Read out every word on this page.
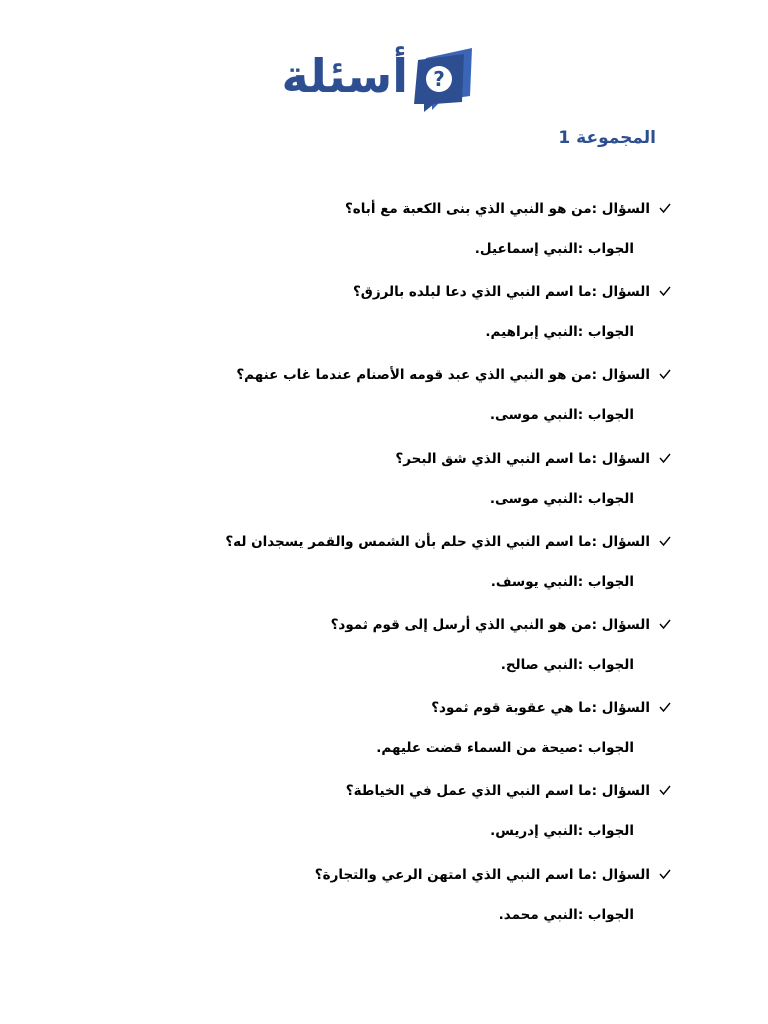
أسئلة ?
المجموعة 1
السؤال :من هو النبي الذي بنى الكعبة مع أباه؟
الجواب :النبي إسماعيل.
السؤال :ما اسم النبي الذي دعا لبلده بالرزق؟
الجواب :النبي إبراهيم.
السؤال :من هو النبي الذي عبد قومه الأصنام عندما غاب عنهم؟
الجواب :النبي موسى.
السؤال :ما اسم النبي الذي شق البحر؟
الجواب :النبي موسى.
السؤال :ما اسم النبي الذي حلم بأن الشمس والقمر يسجدان له؟
الجواب :النبي يوسف.
السؤال :من هو النبي الذي أرسل إلى قوم ثمود؟
الجواب :النبي صالح.
السؤال :ما هي عقوبة قوم ثمود؟
الجواب :صيحة من السماء قضت عليهم.
السؤال :ما اسم النبي الذي عمل في الخياطة؟
الجواب :النبي إدريس.
السؤال :ما اسم النبي الذي امتهن الرعي والتجارة؟
الجواب :النبي محمد.
